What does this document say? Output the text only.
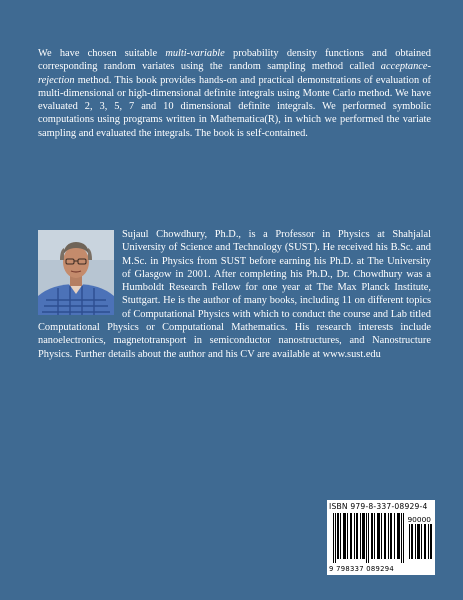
We have chosen suitable multi-variable probability density functions and obtained corresponding random variates using the random sampling method called acceptance-rejection method. This book provides hands-on and practical demonstrations of evaluation of multi-dimensional or high-dimensional definite integrals using Monte Carlo method. We have evaluated 2, 3, 5, 7 and 10 dimensional definite integrals. We performed symbolic computations using programs written in Mathematica(R), in which we performed the variate sampling and evaluated the integrals. The book is self-contained.

Sujaul Chowdhury, Ph.D., is a Professor in Physics at Shahjalal University of Science and Technology (SUST). He received his B.Sc. and M.Sc. in Physics from SUST before earning his Ph.D. at The University of Glasgow in 2001. After completing his Ph.D., Dr. Chowdhury was a Humboldt Research Fellow for one year at The Max Planck Institute, Stuttgart. He is the author of many books, including 11 on different topics of Computational Physics with which to conduct the course and Lab titled Computational Physics or Computational Mathematics. His research interests include nanoelectronics, magnetotransport in semiconductor nanostructures, and Nanostructure Physics. Further details about the author and his CV are available at www.sust.edu
ISBN 979-8-337-08929-4
90000
9 798337 089294
